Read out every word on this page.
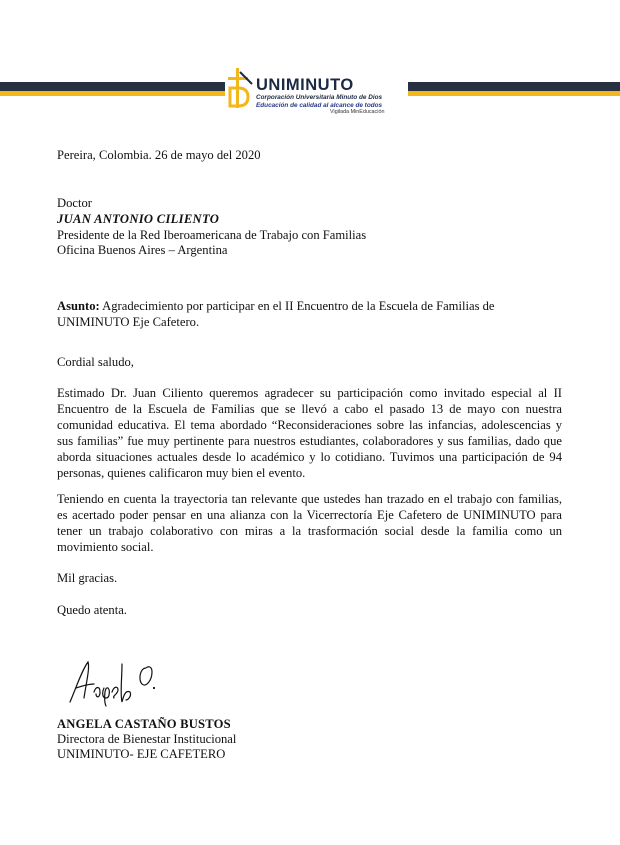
UNIMINUTO
Corporación Universitaria Minuto de Dios
Educación de calidad al alcance de todos
Vigilada MinEducación
Pereira, Colombia. 26 de mayo del 2020
Doctor
JUAN ANTONIO CILIENTO
Presidente de la Red Iberoamericana de Trabajo con Familias
Oficina Buenos Aires – Argentina
Asunto: Agradecimiento por participar en el II Encuentro de la Escuela de Familias de
UNIMINUTO Eje Cafetero.
Cordial saludo,
Estimado Dr. Juan Ciliento queremos agradecer su participación como invitado especial al II Encuentro de la Escuela de Familias que se llevó a cabo el pasado 13 de mayo con nuestra comunidad educativa. El tema abordado “Reconsideraciones sobre las infancias, adolescencias y sus familias” fue muy pertinente para nuestros estudiantes, colaboradores y sus familias, dado que aborda situaciones actuales desde lo académico y lo cotidiano. Tuvimos una participación de 94 personas, quienes calificaron muy bien el evento.
Teniendo en cuenta la trayectoria tan relevante que ustedes han trazado en el trabajo con familias, es acertado poder pensar en una alianza con la Vicerrectoría Eje Cafetero de UNIMINUTO para tener un trabajo colaborativo con miras a la trasformación social desde la familia como un movimiento social.
Mil gracias.
Quedo atenta.
ANGELA CASTAÑO BUSTOS
Directora de Bienestar Institucional
UNIMINUTO- EJE CAFETERO
